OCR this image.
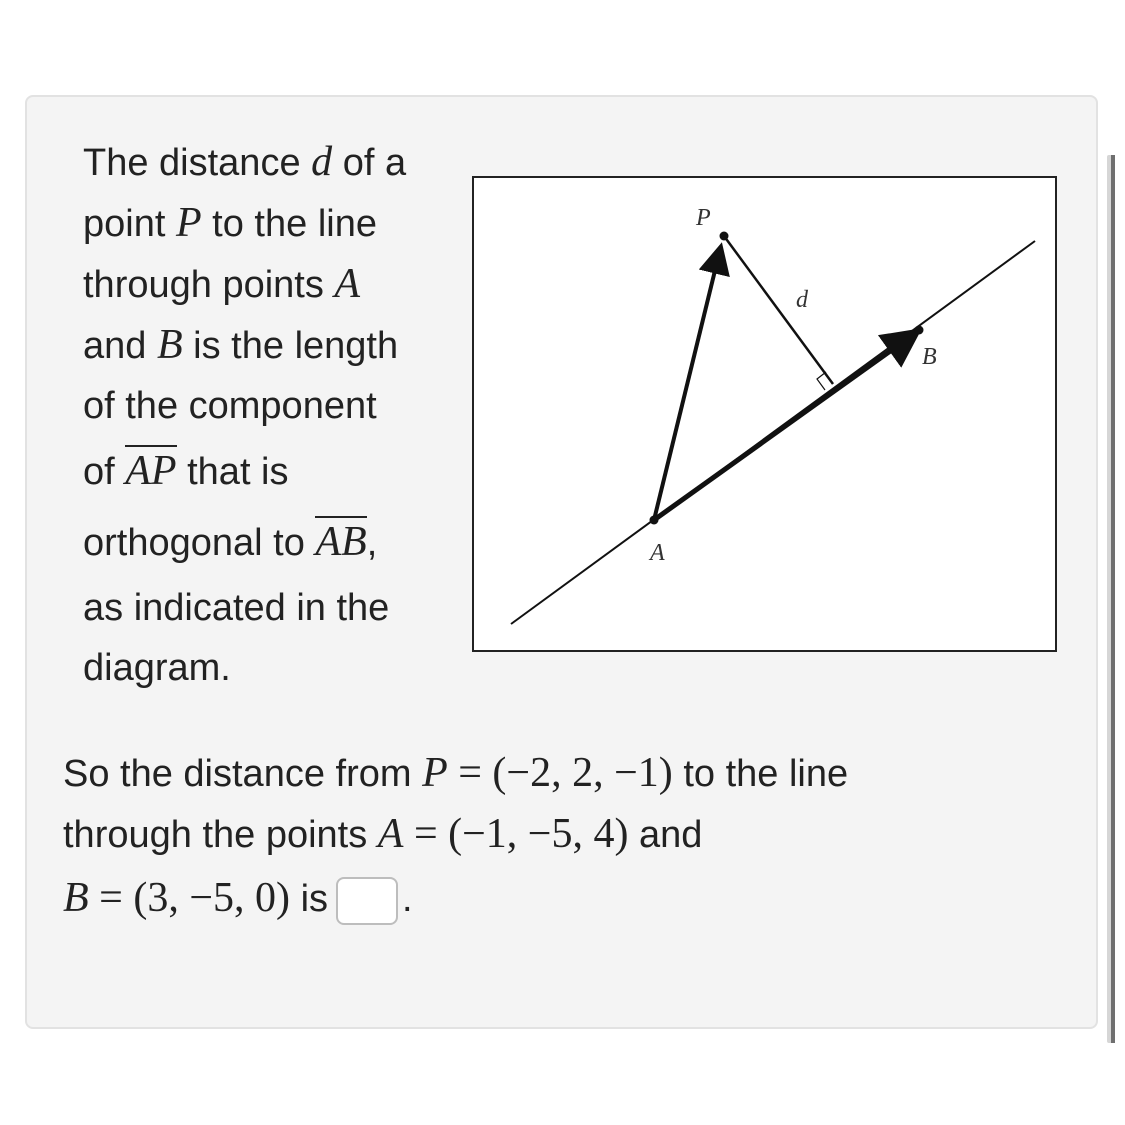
The distance d of a
point P to the line
through points A
and B is the length
of the component
of AP that is
orthogonal to AB,
as indicated in the
diagram.
P
d
B
A
So the distance from P = (−2, 2, −1) to the line
through the points A = (−1, −5, 4) and
B = (3, −5, 0) is .
